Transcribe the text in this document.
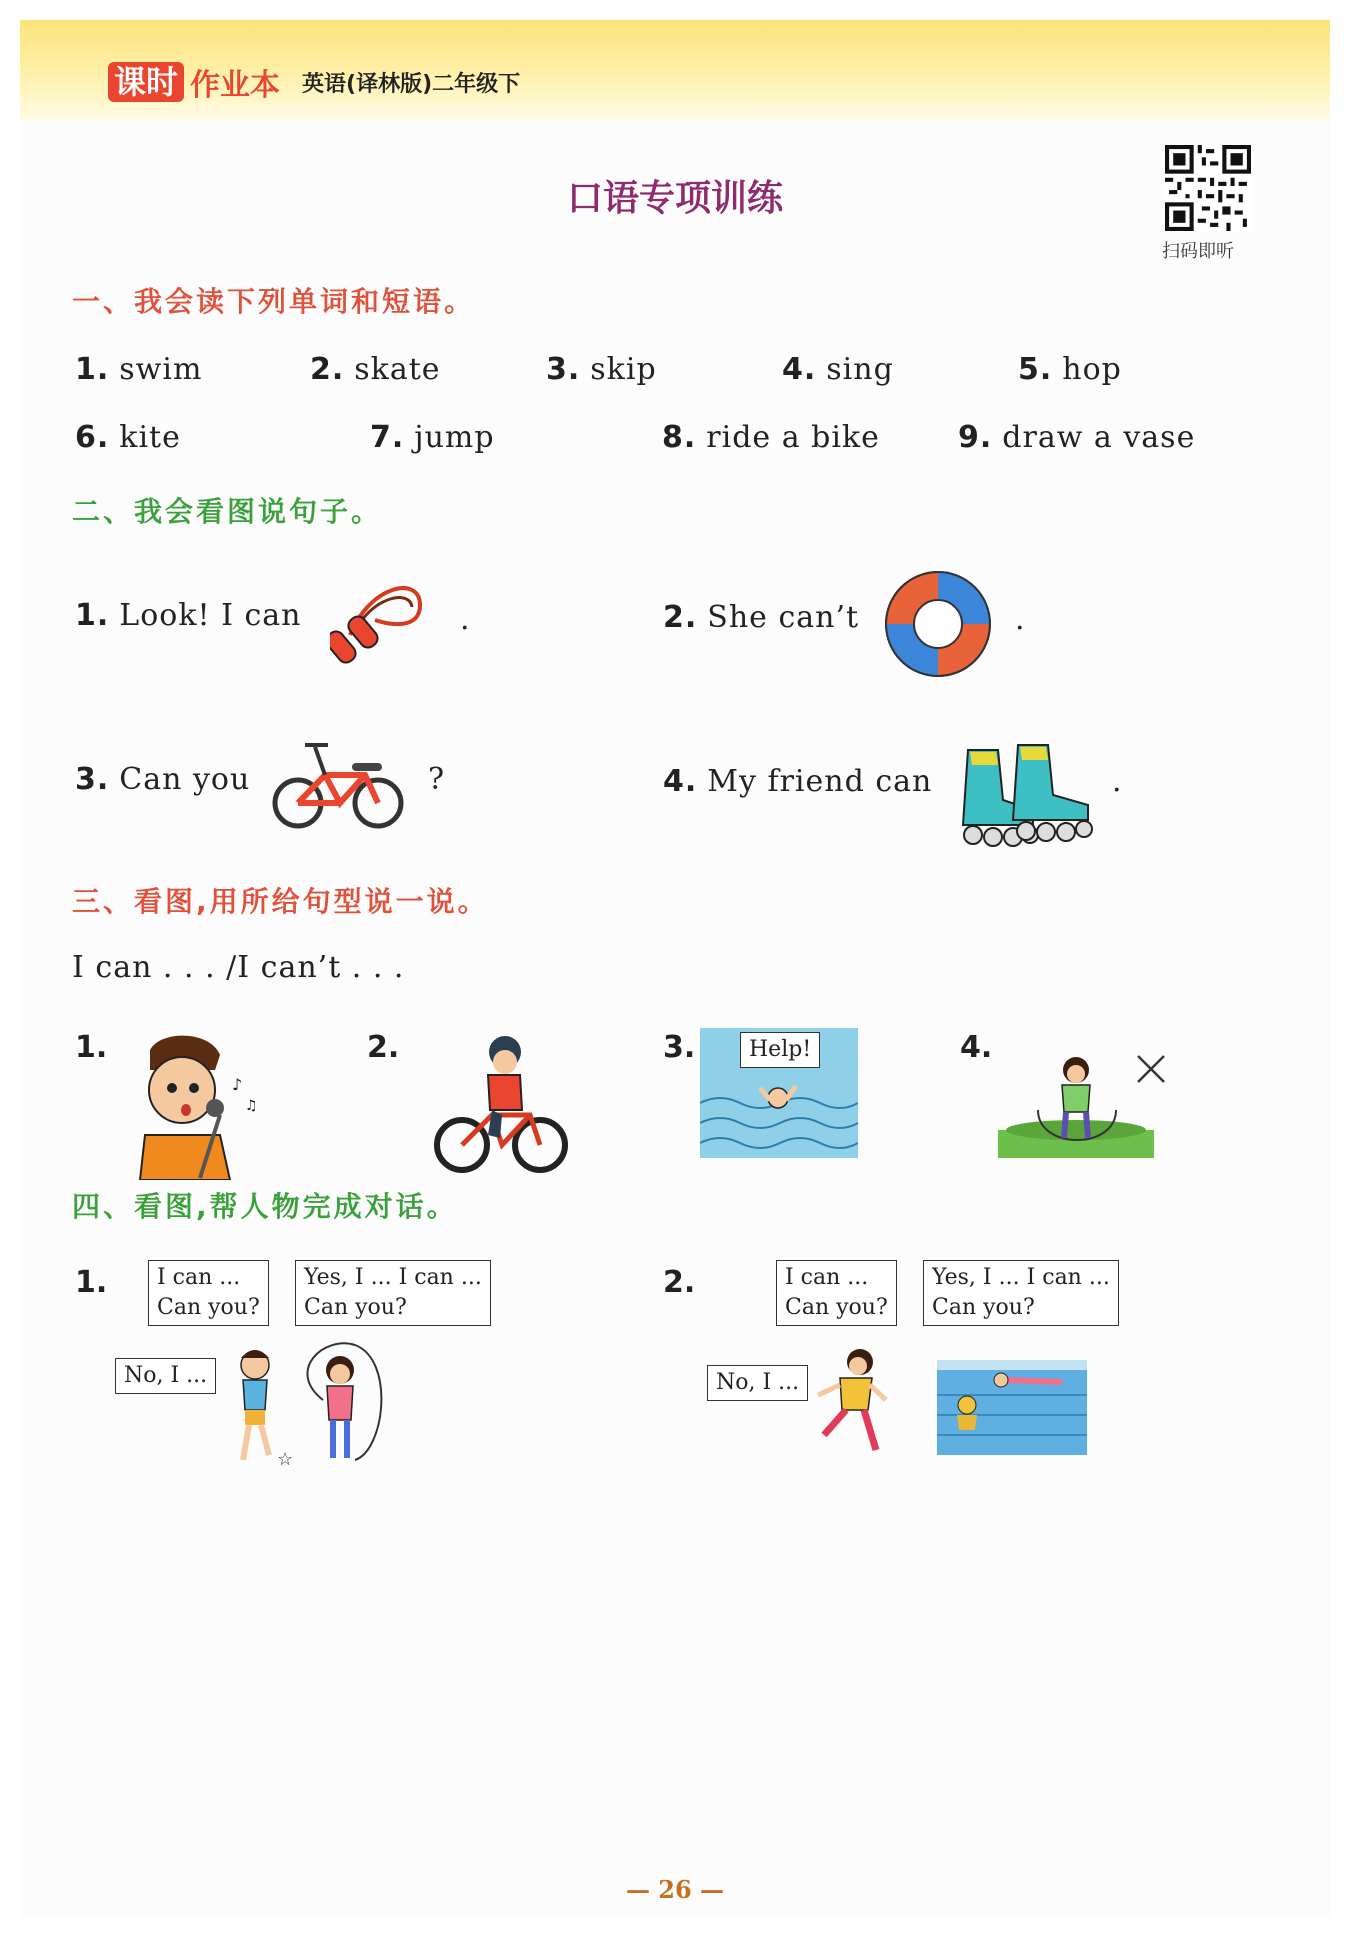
课时 作业本 英语(译林版)二年级下
口语专项训练
扫码即听
一、我会读下列单词和短语。
1. swim	2. skate	3. skip	4. sing	5. hop
6. kite	7. jump	8. ride a bike	9. draw a vase
二、我会看图说句子。
1. Look! I can	.	2. She can’t	.
3. Can you	?	4. My friend can	.
三、看图,用所给句型说一说。
I can . . . /I can’t . . .
1.
♪
♫
2.	3.	Help!	4.
四、看图,帮人物完成对话。
1. I can ...
Can you?
Yes, I ... I can ...
Can you?
No, I ...
☆
2.	I can ...
Can you?
Yes, I ... I can ...
Can you?
No, I ...
— 26 —
